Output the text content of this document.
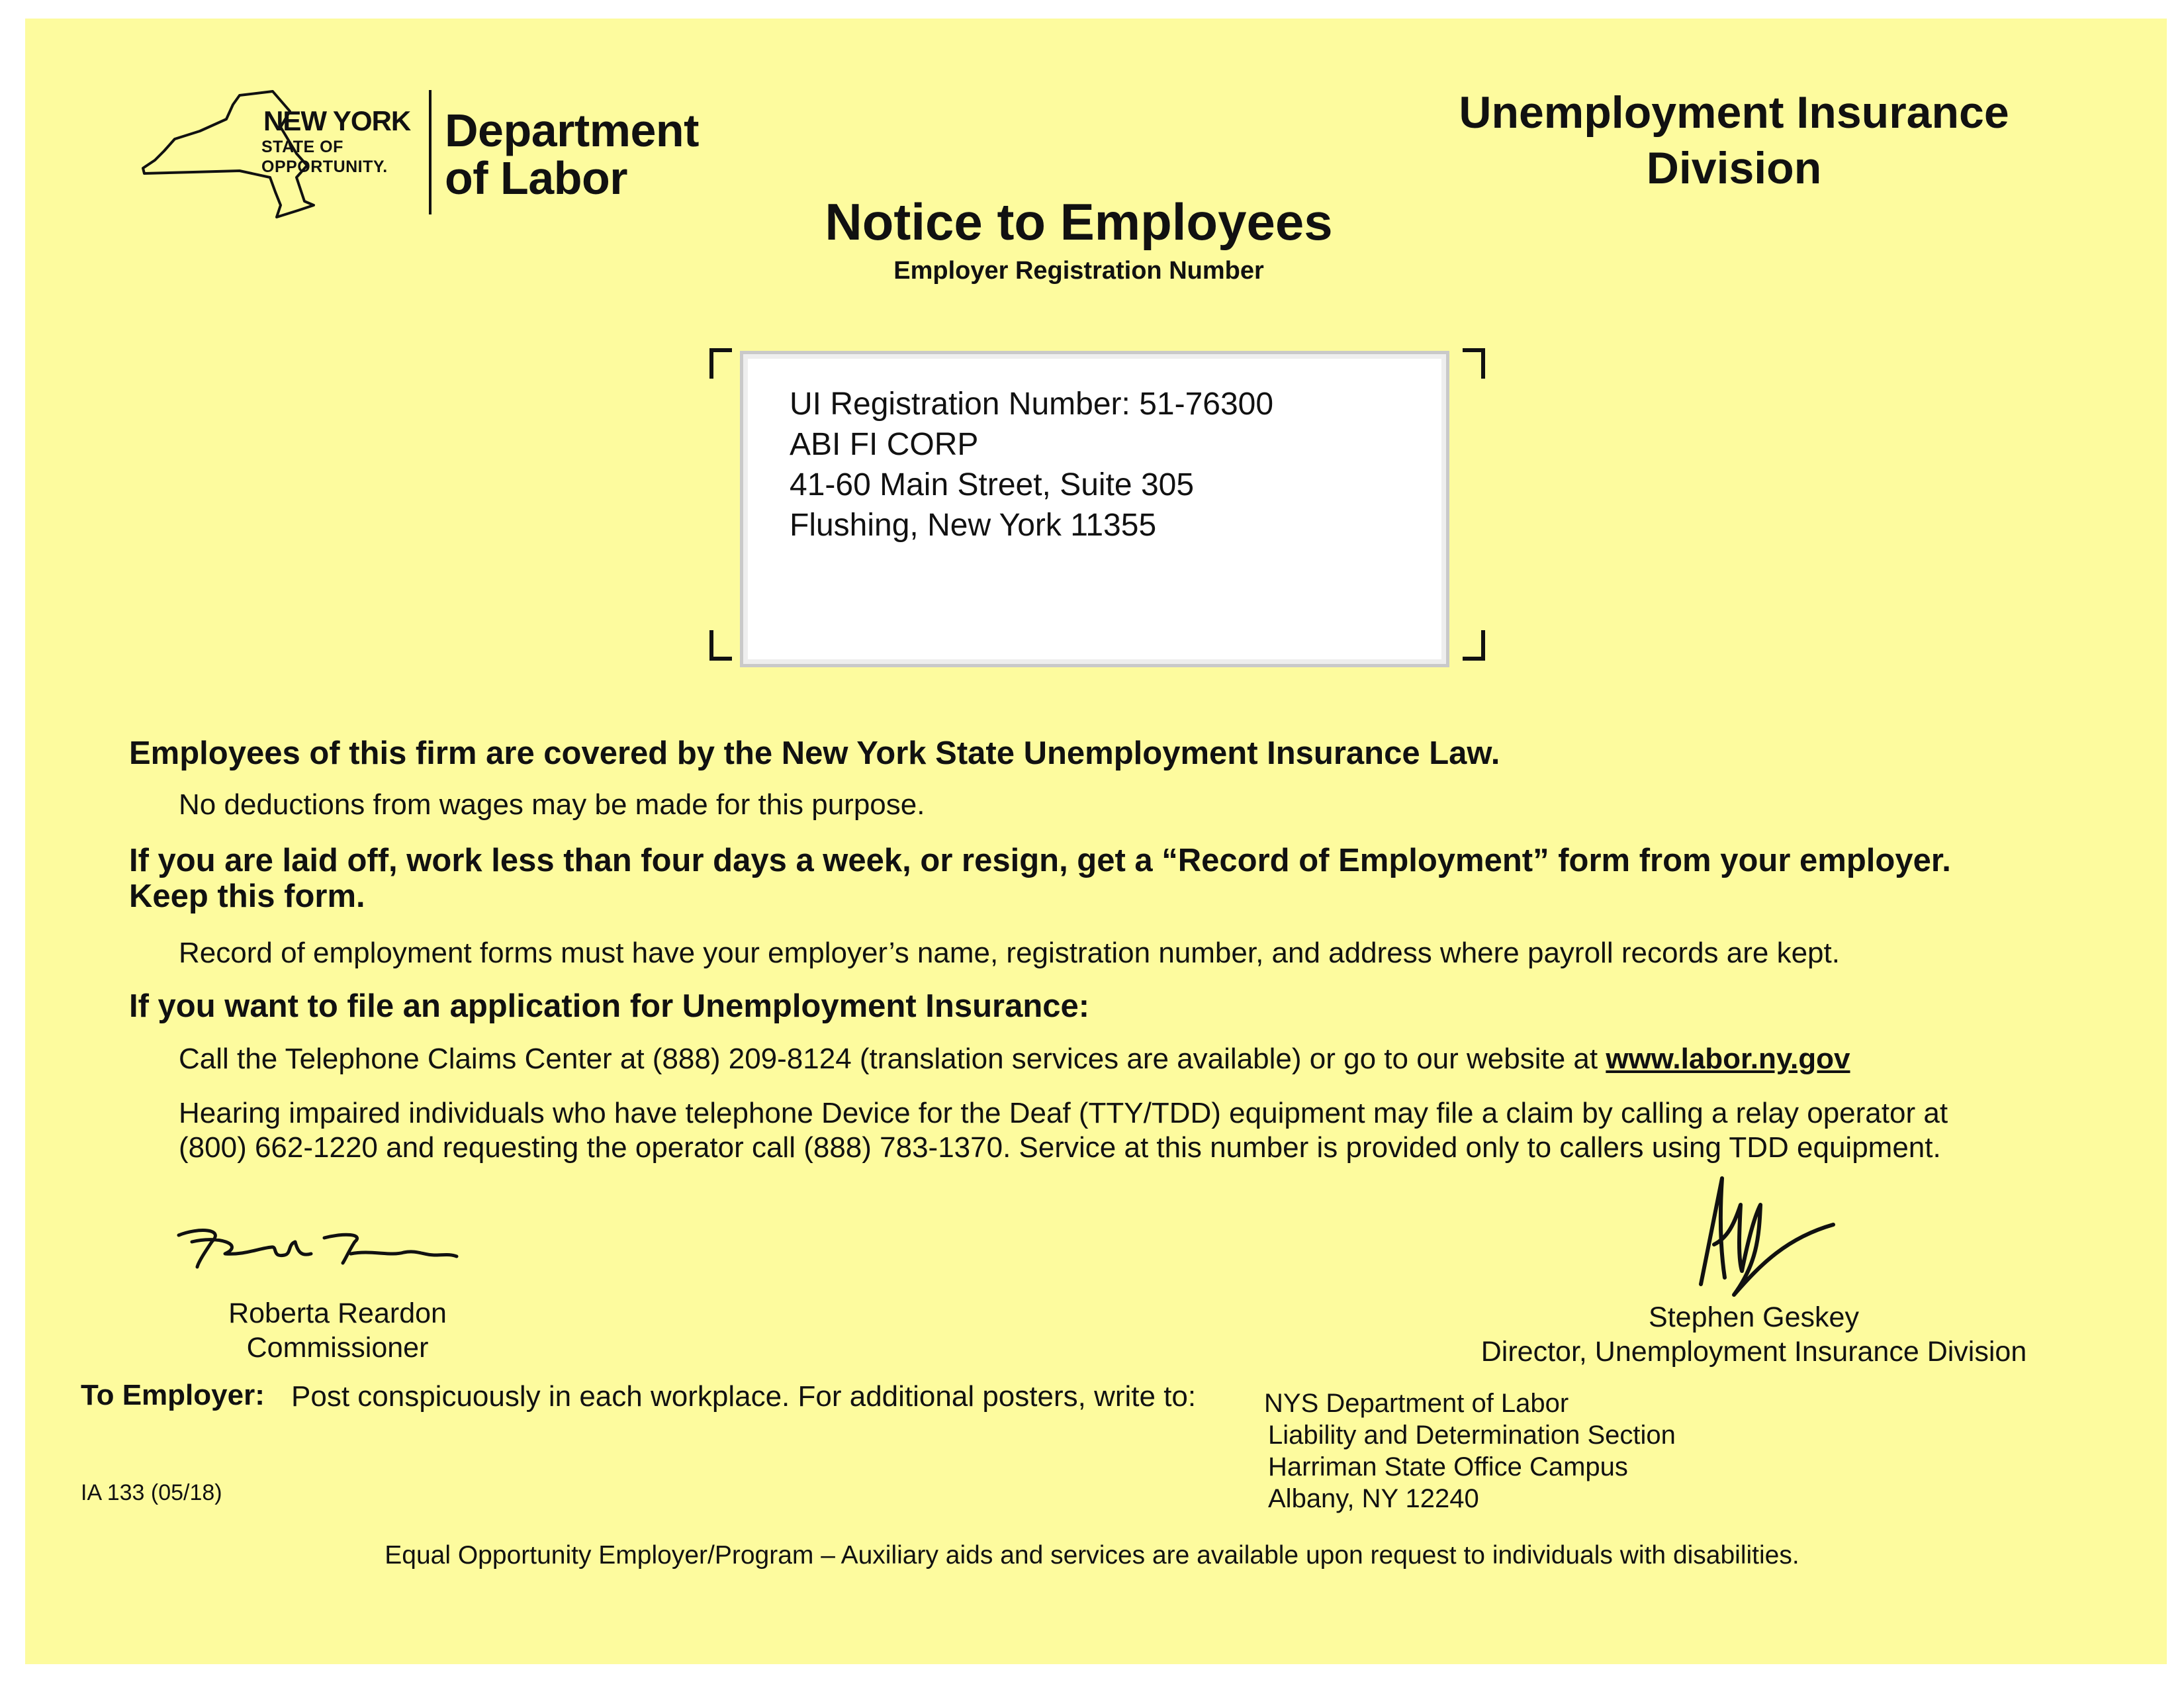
NEW YORK
STATE OF
OPPORTUNITY.
Department
of Labor
Unemployment Insurance
Division
Notice to Employees
Employer Registration Number
UI Registration Number: 51-76300
ABI FI CORP
41-60 Main Street, Suite 305
Flushing, New York 11355
Employees of this firm are covered by the New York State Unemployment Insurance Law.
No deductions from wages may be made for this purpose.
If you are laid off, work less than four days a week, or resign, get a “Record of Employment” form from your employer.
Keep this form.
Record of employment forms must have your employer’s name, registration number, and address where payroll records are kept.
If you want to file an application for Unemployment Insurance:
Call the Telephone Claims Center at (888) 209-8124 (translation services are available) or go to our website at www.labor.ny.gov
Hearing impaired individuals who have telephone Device for the Deaf (TTY/TDD) equipment may file a claim by calling a relay operator at
(800) 662-1220 and requesting the operator call (888) 783-1370. Service at this number is provided only to callers using TDD equipment.
Roberta Reardon
Commissioner
Stephen Geskey
Director, Unemployment Insurance Division
To Employer: Post conspicuously in each workplace. For additional posters, write to:	NYS Department of Labor
Liability and Determination Section
Harriman State Office Campus
Albany, NY 12240
IA 133 (05/18)
Equal Opportunity Employer/Program – Auxiliary aids and services are available upon request to individuals with disabilities.
